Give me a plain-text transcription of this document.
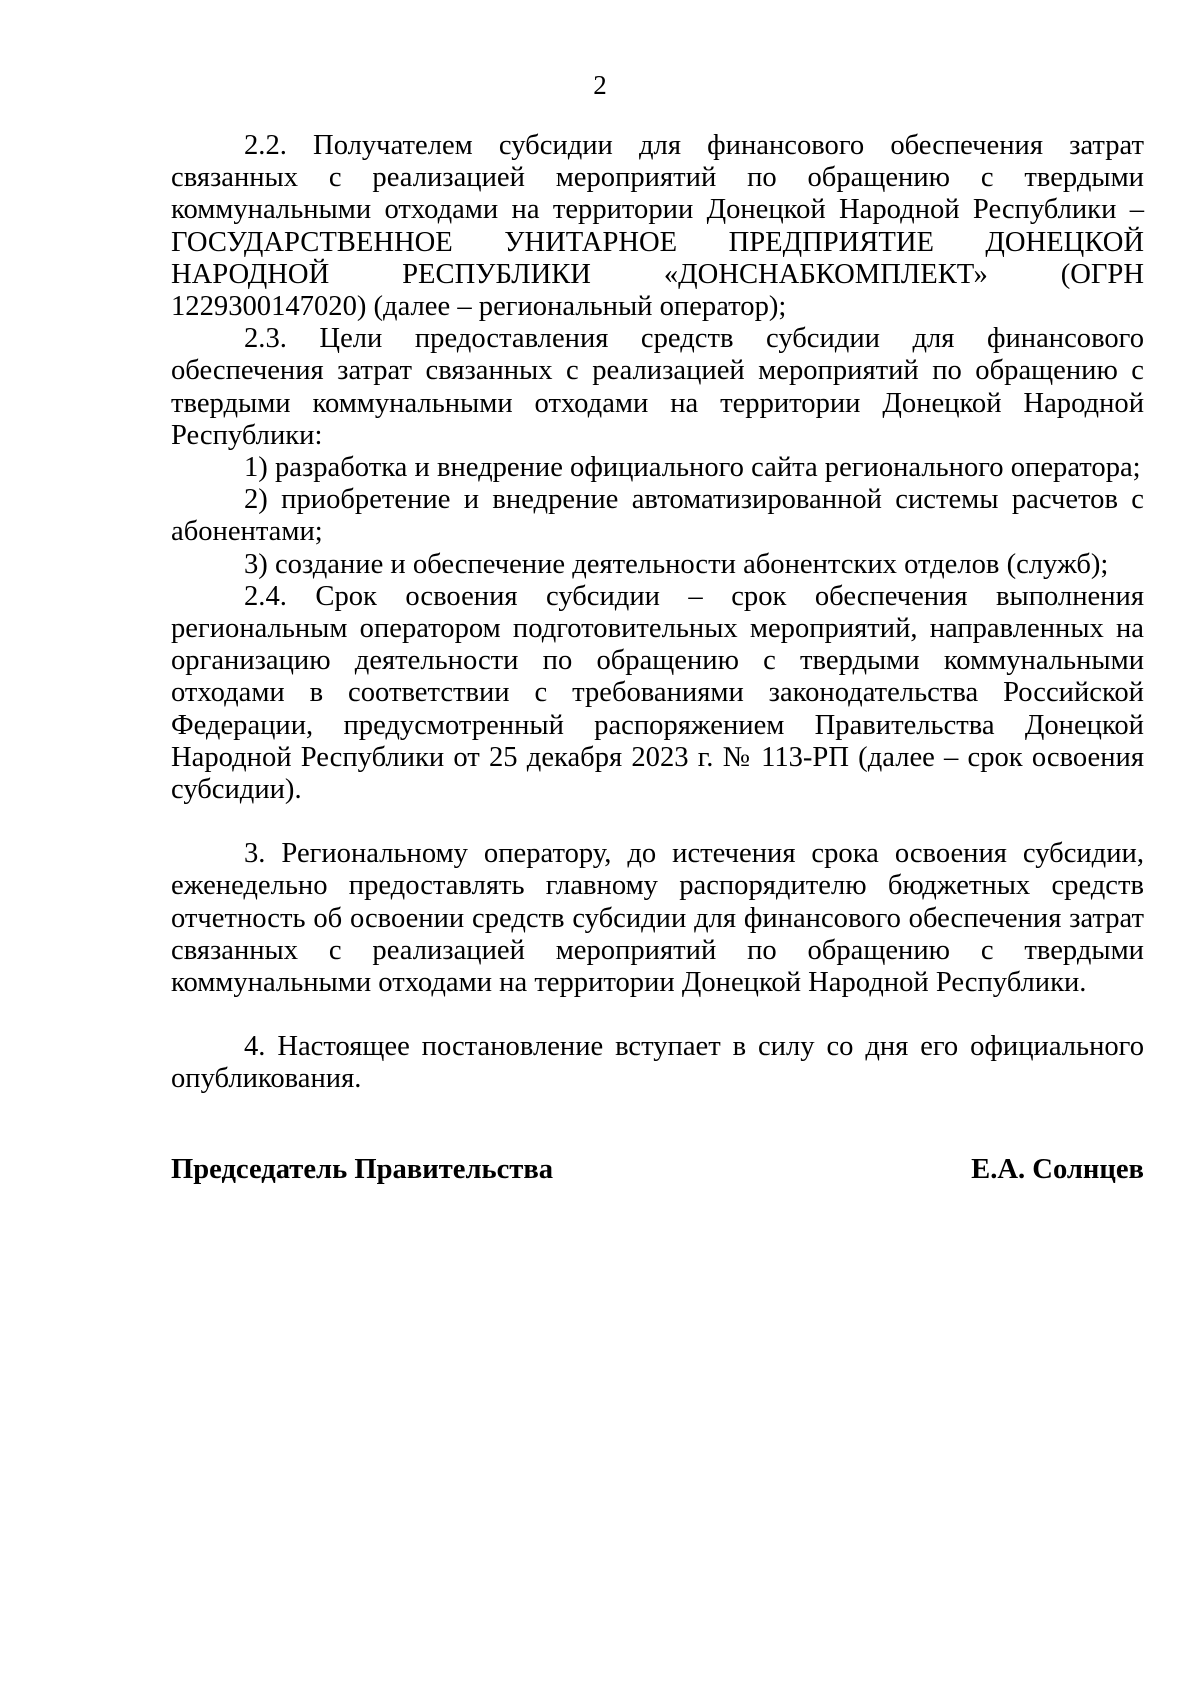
2

2.2. Получателем субсидии для финансового обеспечения затрат связанных с реализацией мероприятий по обращению с твердыми коммунальными отходами на территории Донецкой Народной Республики – ГОСУДАРСТВЕННОЕ УНИТАРНОЕ ПРЕДПРИЯТИЕ ДОНЕЦКОЙ НАРОДНОЙ РЕСПУБЛИКИ «ДОНСНАБКОМПЛЕКТ» (ОГРН 1229300147020) (далее – региональный оператор);

2.3. Цели предоставления средств субсидии для финансового обеспечения затрат связанных с реализацией мероприятий по обращению с твердыми коммунальными отходами на территории Донецкой Народной Республики:

1) разработка и внедрение официального сайта регионального оператора;

2) приобретение и внедрение автоматизированной системы расчетов с абонентами;

3) создание и обеспечение деятельности абонентских отделов (служб);

2.4. Срок освоения субсидии – срок обеспечения выполнения региональным оператором подготовительных мероприятий, направленных на организацию деятельности по обращению с твердыми коммунальными отходами в соответствии с требованиями законодательства Российской Федерации, предусмотренный распоряжением Правительства Донецкой Народной Республики от 25 декабря 2023 г. № 113-РП (далее – срок освоения субсидии).

3. Региональному оператору, до истечения срока освоения субсидии, еженедельно предоставлять главному распорядителю бюджетных средств отчетность об освоении средств субсидии для финансового обеспечения затрат связанных с реализацией мероприятий по обращению с твердыми коммунальными отходами на территории Донецкой Народной Республики.

4. Настоящее постановление вступает в силу со дня его официального опубликования.

Председатель Правительства	Е.А. Солнцев
